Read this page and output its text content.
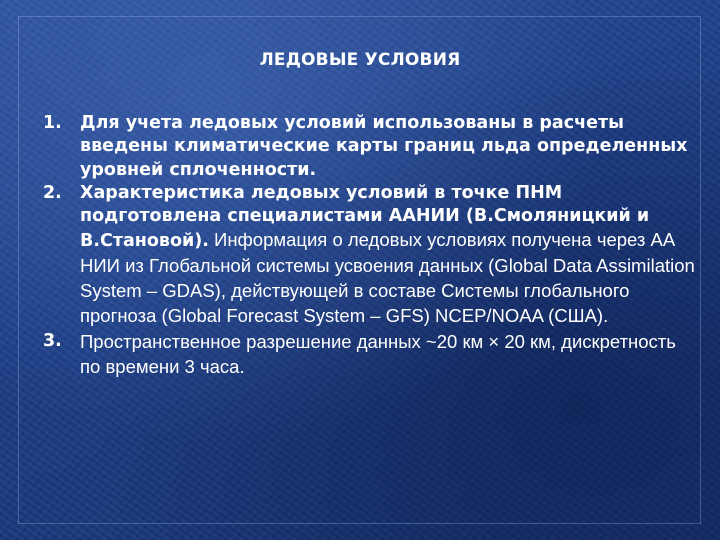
ЛЕДОВЫЕ УСЛОВИЯ
1. Для учета ледовых условий использованы в расчеты введены климатические карты границ льда определенных уровней сплоченности.
2. Характеристика ледовых условий в точке ПНМ подготовлена специалистами ААНИИ (В.Смоляницкий и В.Становой). Информация о ледовых условиях получена через АА НИИ из Глобальной системы усвоения данных (Global Data Assimilation System – GDAS), действующей в составе Системы глобального прогноза (Global Forecast System – GFS) NCEP/NOAA (США).
3. Пространственное разрешение данных ~20 км × 20 км, дискретность по времени 3 часа.
